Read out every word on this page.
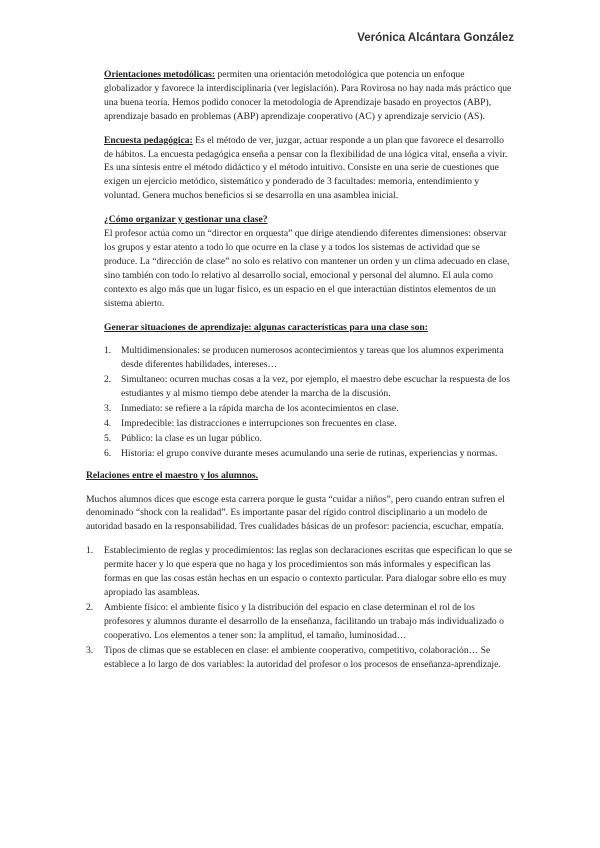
Verónica Alcántara González

Orientaciones metodólicas: permiten una orientación metodológica que potencia un enfoque globalizador y favorece la interdisciplinaria (ver legislación). Para Rovirosa no hay nada más práctico que una buena teoría. Hemos podido conocer la metodología de Aprendizaje basado en proyectos (ABP), aprendizaje basado en problemas (ABP) aprendizaje cooperativo (AC) y aprendizaje servicio (AS).

Encuesta pedagógica: Es el método de ver, juzgar, actuar responde a un plan que favorece el desarrollo de hábitos. La encuesta pedagógica enseña a pensar con la flexibilidad de una lógica vital, enseña a vivir. Es una síntesis entre el método didáctico y el método intuitivo. Consiste en una serie de cuestiones que exigen un ejercicio metódico, sistemático y ponderado de 3 facultades: memoria, entendimiento y voluntad. Genera muchos beneficios si se desarrolla en una asamblea inicial.

¿Cómo organizar y gestionar una clase?

El profesor actúa como un “director en orquesta” que dirige atendiendo diferentes dimensiones: observar los grupos y estar atento a todo lo que ocurre en la clase y a todos los sistemas de actividad que se produce. La “dirección de clase” no solo es relativo con mantener un orden y un clima adecuado en clase, sino también con todo lo relativo al desarrollo social, emocional y personal del alumno. El aula como contexto es algo más que un lugar físico, es un espacio en el que interactúan distintos elementos de un sistema abierto.

Generar situaciones de aprendizaje: algunas características para una clase son:

1. Multidimensionales: se producen numerosos acontecimientos y tareas que los alumnos experimenta desde diferentes habilidades, intereses…
2. Simultaneo: ocurren muchas cosas a la vez, por ejemplo, el maestro debe escuchar la respuesta de los estudiantes y al mismo tiempo debe atender la marcha de la discusión.
3. Inmediato: se refiere a la rápida marcha de los acontecimientos en clase.
4. Impredecible: las distracciones e interrupciones son frecuentes en clase.
5. Público: la clase es un lugar público.
6. Historia: el grupo convive durante meses acumulando una serie de rutinas, experiencias y normas.

Relaciones entre el maestro y los alumnos.

Muchos alumnos dices que escoge esta carrera porque le gusta “cuidar a niños”, pero cuando entran sufren el denominado “shock con la realidad”. Es importante pasar del rígido control disciplinario a un modelo de autoridad basado en la responsabilidad. Tres cualidades básicas de un profesor: paciencia, escuchar, empatía.

1. Establecimiento de reglas y procedimientos: las reglas son declaraciones escritas que especifican lo que se permite hacer y lo que espera que no haga y los procedimientos son más informales y especifican las formas en que las cosas están hechas en un espacio o contexto particular. Para dialogar sobre ello es muy apropiado las asambleas.
2. Ambiente físico: el ambiente físico y la distribución del espacio en clase determinan el rol de los profesores y alumnos durante el desarrollo de la enseñanza, facilitando un trabajo más individualizado o cooperativo. Los elementos a tener son: la amplitud, el tamaño, luminosidad…
3. Tipos de climas que se establecen en clase: el ambiente cooperativo, competitivo, colaboración… Se establece a lo largo de dos variables: la autoridad del profesor o los procesos de enseñanza-aprendizaje.
